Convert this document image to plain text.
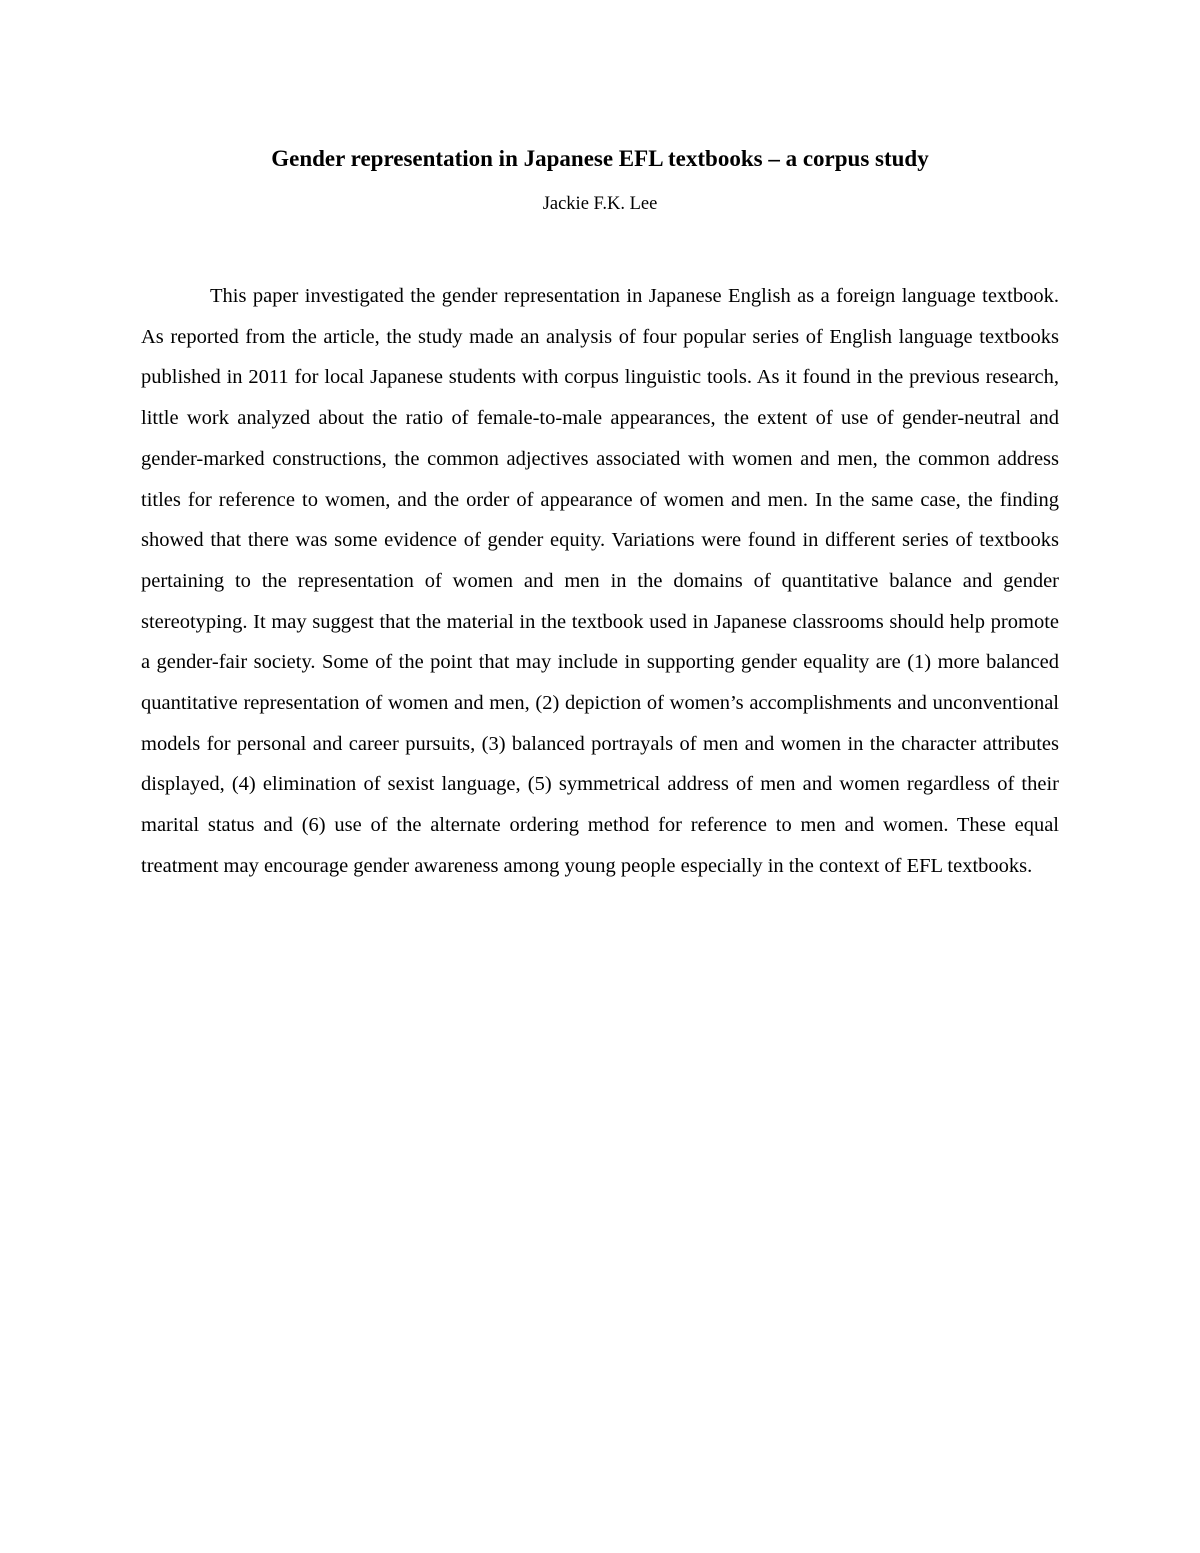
Gender representation in Japanese EFL textbooks – a corpus study

Jackie F.K. Lee

This paper investigated the gender representation in Japanese English as a foreign language textbook. As reported from the article, the study made an analysis of four popular series of English language textbooks published in 2011 for local Japanese students with corpus linguistic tools. As it found in the previous research, little work analyzed about the ratio of female-to-male appearances, the extent of use of gender-neutral and gender-marked constructions, the common adjectives associated with women and men, the common address titles for reference to women, and the order of appearance of women and men. In the same case, the finding showed that there was some evidence of gender equity. Variations were found in different series of textbooks pertaining to the representation of women and men in the domains of quantitative balance and gender stereotyping. It may suggest that the material in the textbook used in Japanese classrooms should help promote a gender-fair society. Some of the point that may include in supporting gender equality are (1) more balanced quantitative representation of women and men, (2) depiction of women’s accomplishments and unconventional models for personal and career pursuits, (3) balanced portrayals of men and women in the character attributes displayed, (4) elimination of sexist language, (5) symmetrical address of men and women regardless of their marital status and (6) use of the alternate ordering method for reference to men and women. These equal treatment may encourage gender awareness among young people especially in the context of EFL textbooks.
